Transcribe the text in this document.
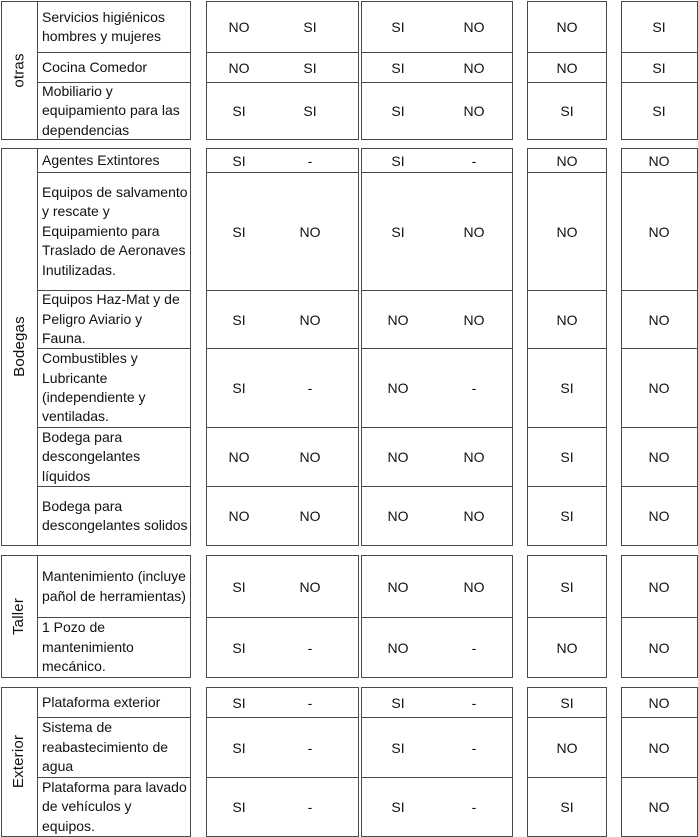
otras
Servicios higiénicos hombres y mujeres
NO	SI	SI	NO	NO	SI
Cocina Comedor	NO	SI	SI	NO	NO	SI
Mobiliario y equipamiento para las dependencias
SI	SI	SI	NO	SI	SI
Bodegas
Agentes Extintores	SI	-	SI	-	NO	NO
Equipos de salvamento y rescate y Equipamiento para Traslado de Aeronaves Inutilizadas.
SI	NO	SI	NO	NO	NO
Equipos Haz-Mat y de Peligro Aviario y Fauna.
SI	NO	NO	NO	NO	NO
Combustibles y Lubricante (independiente y ventiladas.
SI	-	NO	-	SI	NO
Bodega para descongelantes líquidos
NO	NO	NO	NO	SI	NO
Bodega para descongelantes solidos
NO	NO	NO	NO	SI	NO
Taller
Mantenimiento (incluye pañol de herramientas)
SI	NO	NO	NO	SI	NO
1 Pozo de mantenimiento mecánico.
SI	-	NO	-	NO	NO
Exterior
Plataforma exterior	SI	-	SI	-	SI	NO
Sistema de reabastecimiento de agua
SI	-	SI	-	NO	NO
Plataforma para lavado de vehículos y equipos.
SI	-	SI	-	SI	NO
